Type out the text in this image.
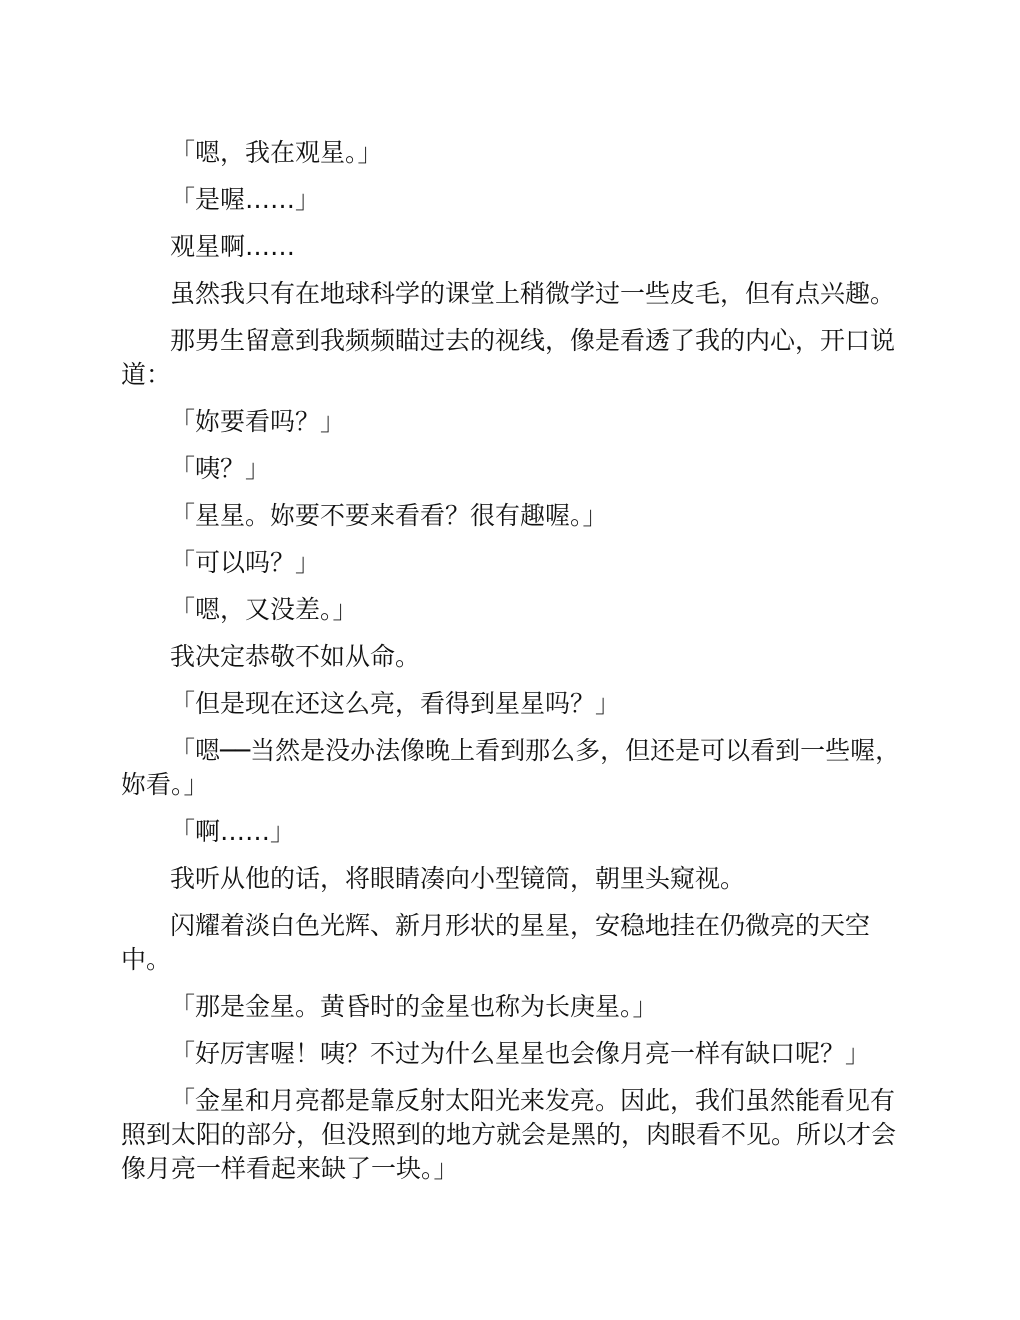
「嗯，我在观星。」

「是喔……」

观星啊……

虽然我只有在地球科学的课堂上稍微学过一些皮毛，但有点兴趣。

那男生留意到我频频瞄过去的视线，像是看透了我的内心，开口说道：

「妳要看吗？」

「咦？」

「星星。妳要不要来看看？很有趣喔。」

「可以吗？」

「嗯，又没差。」

我决定恭敬不如从命。

「但是现在还这么亮，看得到星星吗？」

「嗯──当然是没办法像晚上看到那么多，但还是可以看到一些喔，妳看。」

「啊……」

我听从他的话，将眼睛凑向小型镜筒，朝里头窥视。

闪耀着淡白色光辉、新月形状的星星，安稳地挂在仍微亮的天空中。

「那是金星。黄昏时的金星也称为长庚星。」

「好厉害喔！咦？不过为什么星星也会像月亮一样有缺口呢？」

「金星和月亮都是靠反射太阳光来发亮。因此，我们虽然能看见有照到太阳的部分，但没照到的地方就会是黑的，肉眼看不见。所以才会像月亮一样看起来缺了一块。」
